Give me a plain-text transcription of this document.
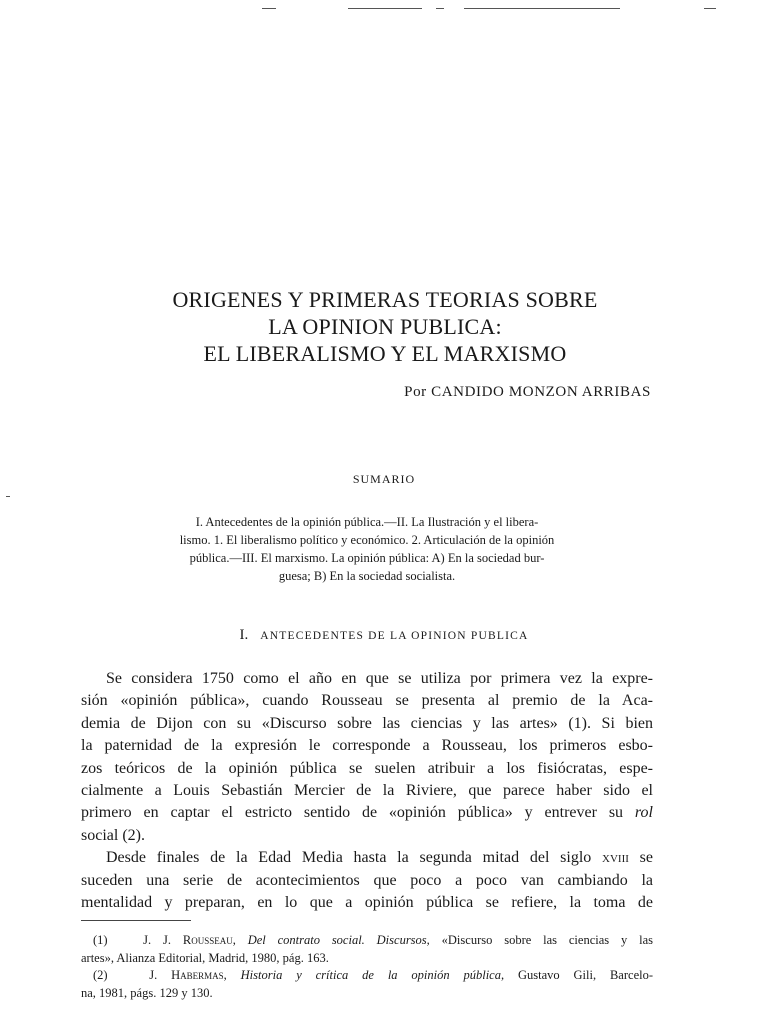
ORIGENES Y PRIMERAS TEORIAS SOBRE
LA OPINION PUBLICA:
EL LIBERALISMO Y EL MARXISMO
Por CANDIDO MONZON ARRIBAS
SUMARIO
I. Antecedentes de la opinión pública.—II. La Ilustración y el libera-
lismo. 1. El liberalismo político y económico. 2. Articulación de la opinión
pública.—III. El marxismo. La opinión pública: A) En la sociedad bur-
guesa; B) En la sociedad socialista.
I. ANTECEDENTES DE LA OPINION PUBLICA
Se considera 1750 como el año en que se utiliza por primera vez la expre-
sión «opinión pública», cuando Rousseau se presenta al premio de la Aca-
demia de Dijon con su «Discurso sobre las ciencias y las artes» (1). Si bien
la paternidad de la expresión le corresponde a Rousseau, los primeros esbo-
zos teóricos de la opinión pública se suelen atribuir a los fisiócratas, espe-
cialmente a Louis Sebastián Mercier de la Riviere, que parece haber sido el
primero en captar el estricto sentido de «opinión pública» y entrever su rol
social (2).
Desde finales de la Edad Media hasta la segunda mitad del siglo xviii se
suceden una serie de acontecimientos que poco a poco van cambiando la
mentalidad y preparan, en lo que a opinión pública se refiere, la toma de
(1)	J. J. Rousseau, Del contrato social. Discursos, «Discurso sobre las ciencias y las
artes», Alianza Editorial, Madrid, 1980, pág. 163.
(2)	J. Habermas, Historia y crítica de la opinión pública, Gustavo Gili, Barcelo-
na, 1981, págs. 129 y 130.
